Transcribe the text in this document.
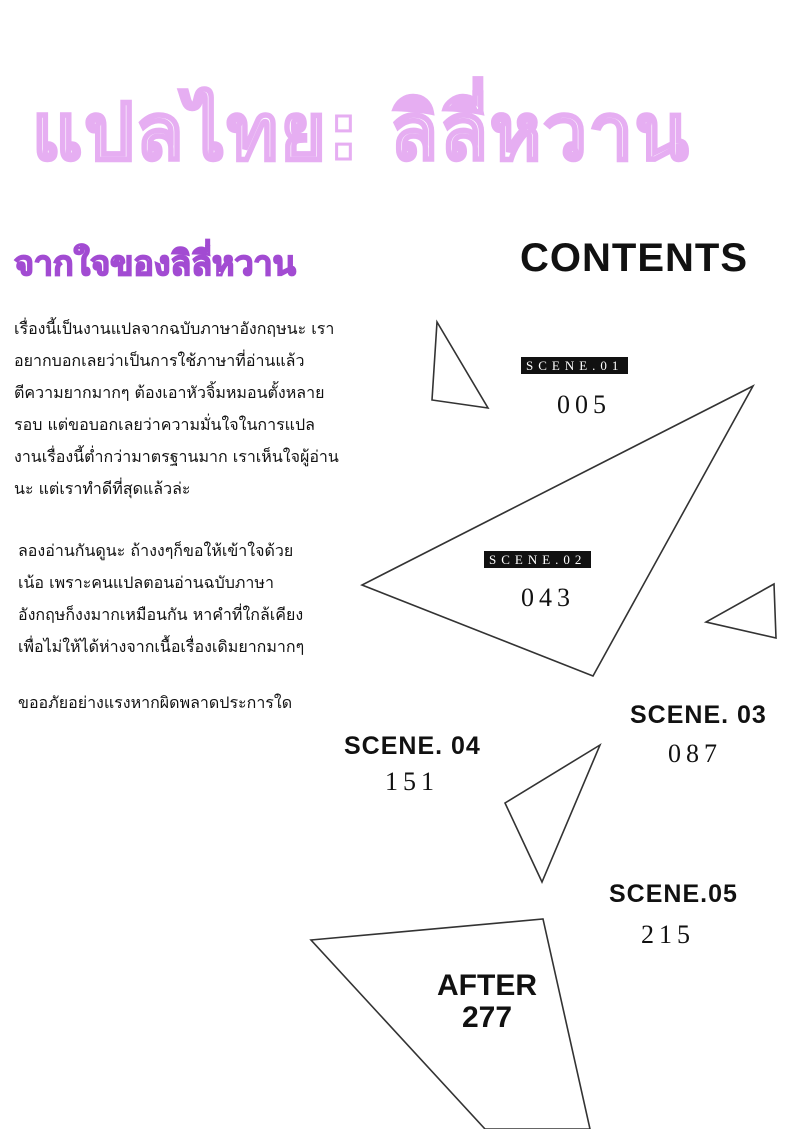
แปลไทย: ลิลี่หวาน
จากใจของลิลี่หวาน
เรื่องนี้เป็นงานแปลจากฉบับภาษาอังกฤษนะ เรา
อยากบอกเลยว่าเป็นการใช้ภาษาที่อ่านแล้ว
ตีความยากมากๆ ต้องเอาหัวจิ้มหมอนตั้งหลาย
รอบ แต่ขอบอกเลยว่าความมั่นใจในการแปล
งานเรื่องนี้ต่ำกว่ามาตรฐานมาก เราเห็นใจผู้อ่าน
นะ แต่เราทำดีที่สุดแล้วล่ะ
ลองอ่านกันดูนะ ถ้างงๆก็ขอให้เข้าใจด้วย
เน้อ เพราะคนแปลตอนอ่านฉบับภาษา
อังกฤษก็งงมากเหมือนกัน หาคำที่ใกล้เคียง
เพื่อไม่ให้ได้ห่างจากเนื้อเรื่องเดิมยากมากๆ
ขออภัยอย่างแรงหากผิดพลาดประการใด
CONTENTS
SCENE.01
005
SCENE.02
043
SCENE. 03
087
SCENE. 04
151
SCENE.05
215
AFTER
277
